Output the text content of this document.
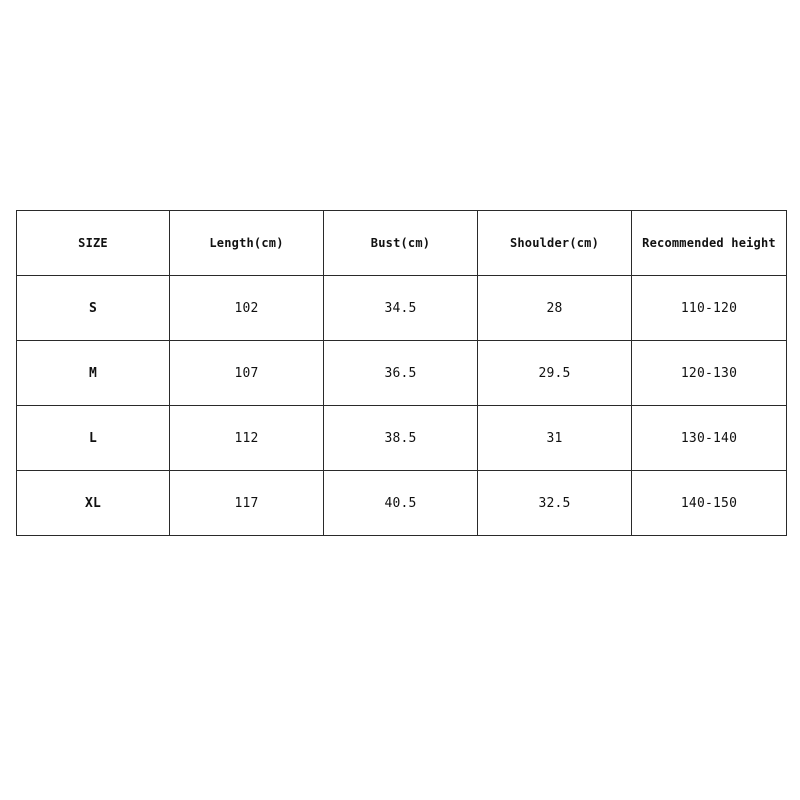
SIZE	Length(cm)	Bust(cm)	Shoulder(cm)	Recommended height
S	102	34.5	28	110-120
M	107	36.5	29.5	120-130
L	112	38.5	31	130-140
XL	117	40.5	32.5	140-150
